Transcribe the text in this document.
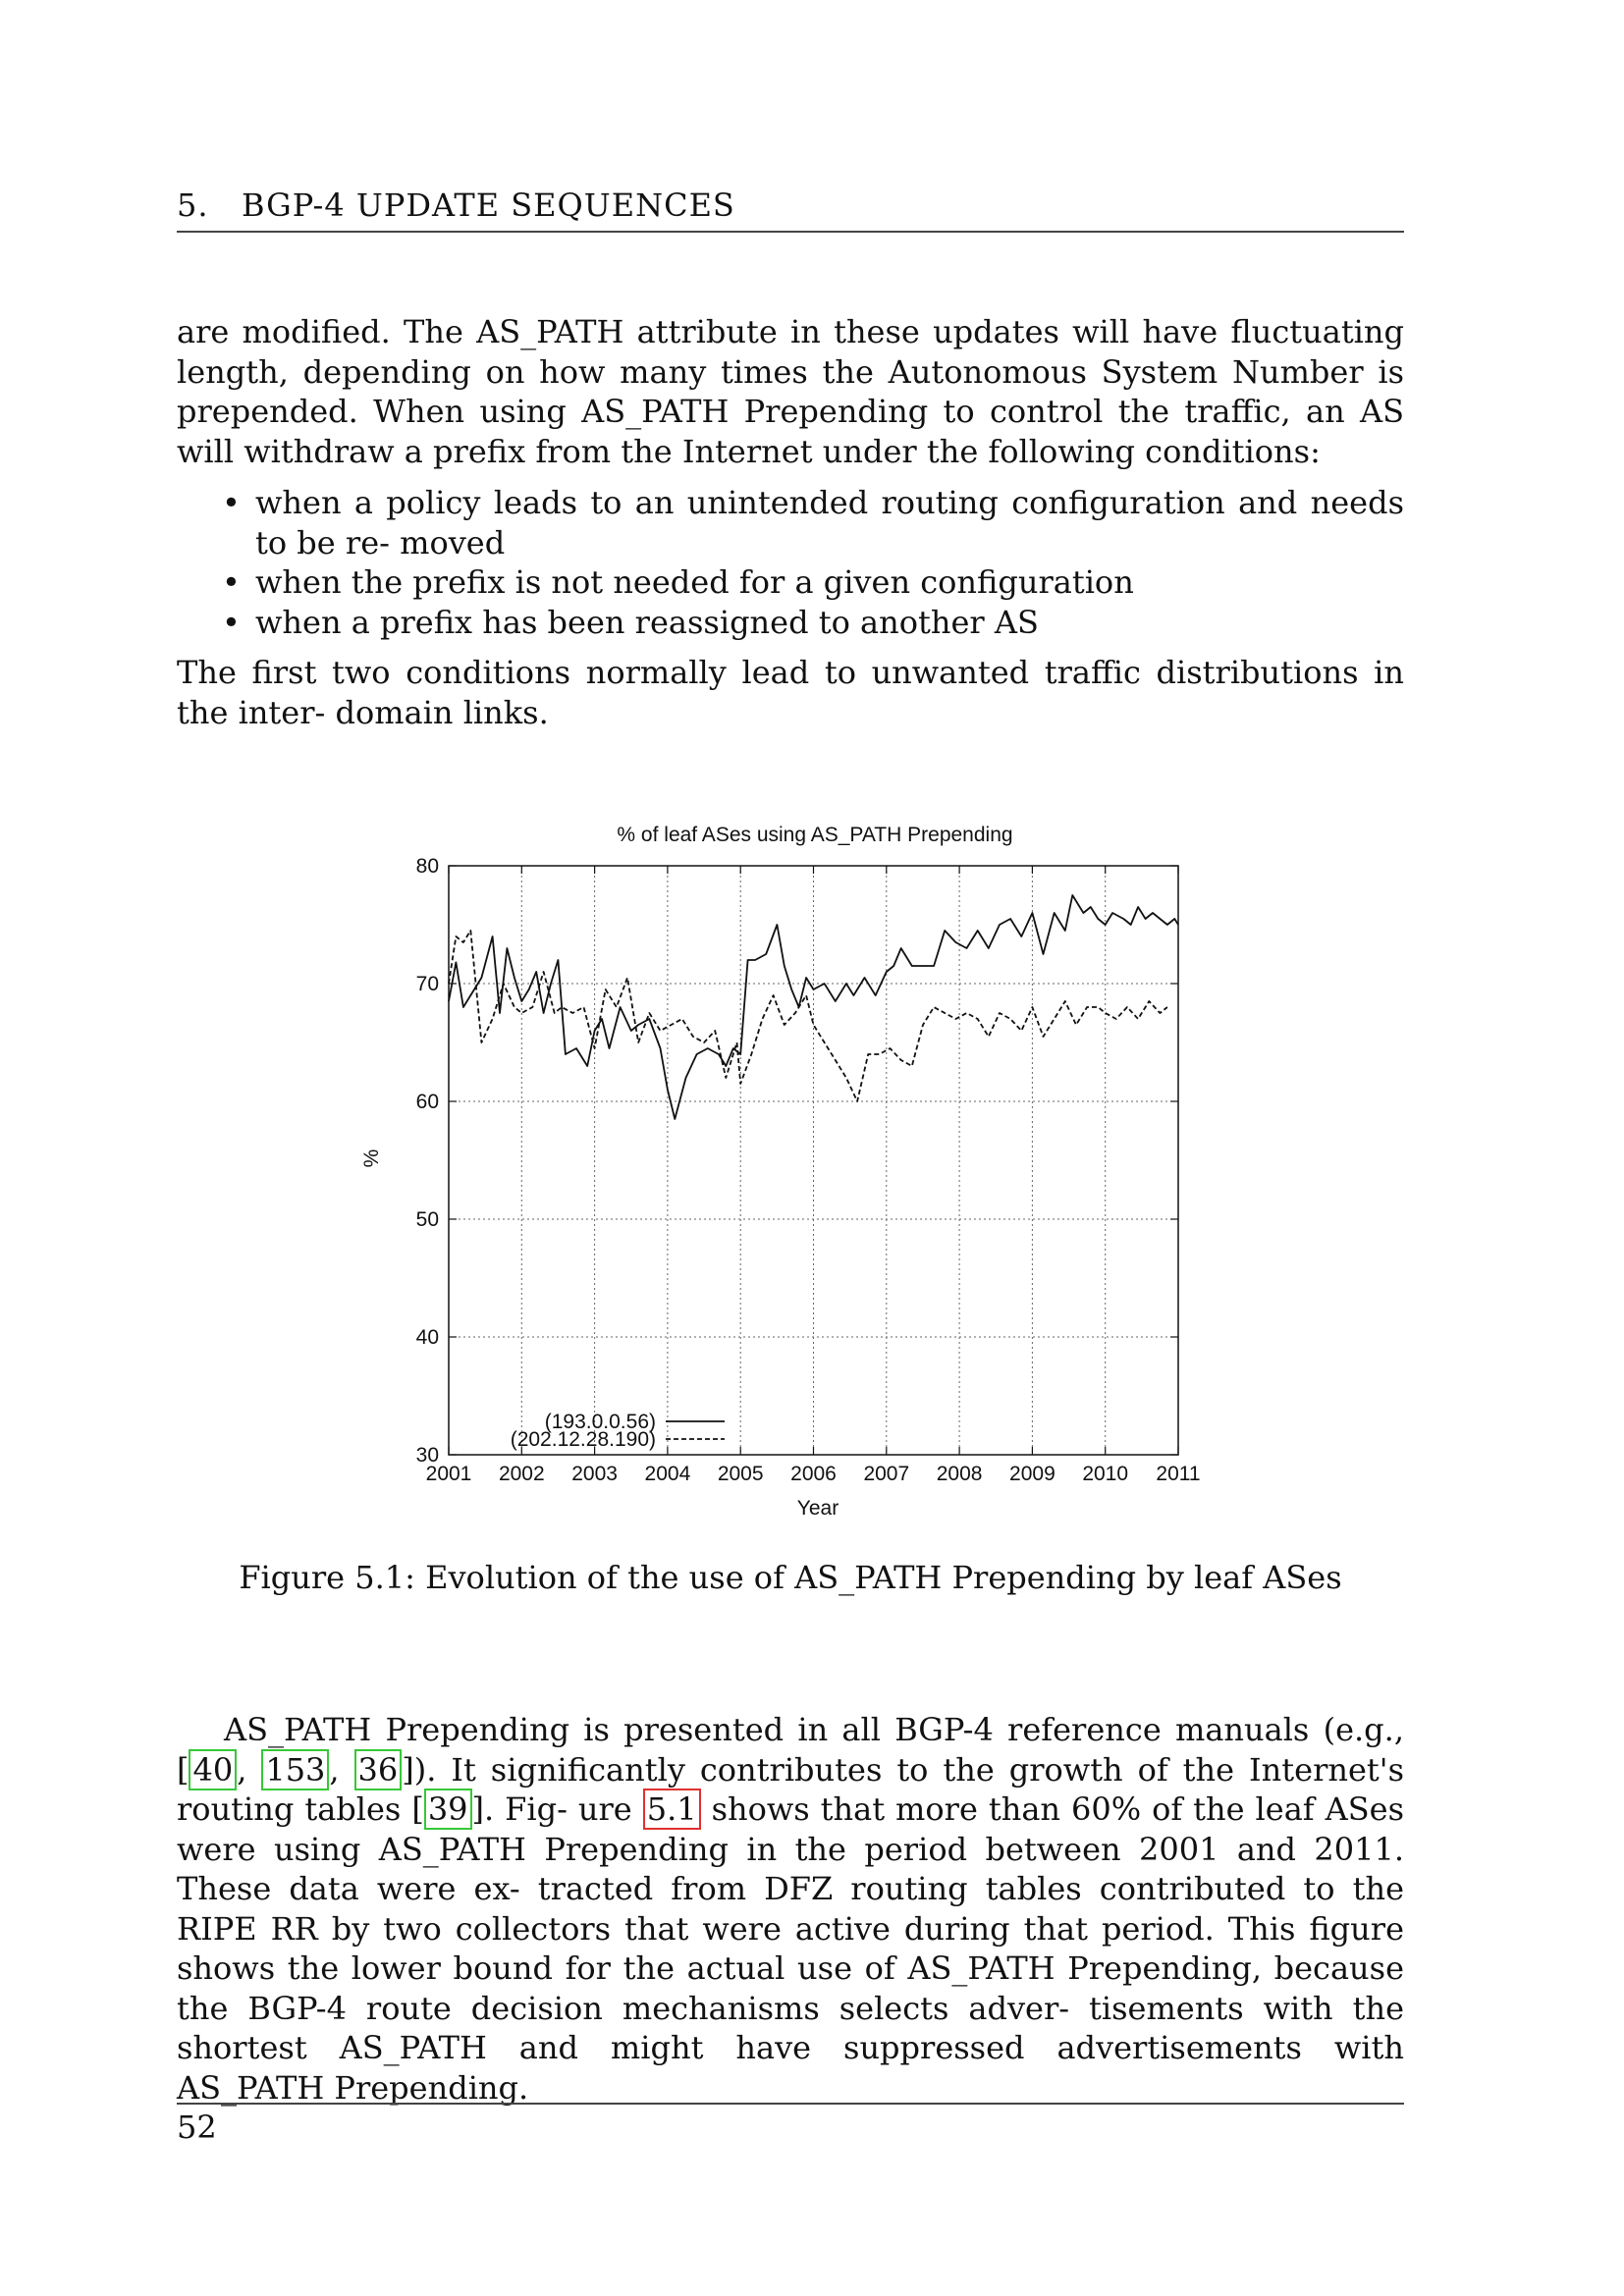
5. BGP-4 UPDATE SEQUENCES
are modified. The AS_PATH attribute in these updates will have fluctuating length, depending on how many times the Autonomous System Number is prepended. When using AS_PATH Prepending to control the traffic, an AS will withdraw a prefix from the Internet under the following conditions:
• when a policy leads to an unintended routing configuration and needs to be re- moved
• when the prefix is not needed for a given configuration
• when a prefix has been reassigned to another AS
The first two conditions normally lead to unwanted traffic distributions in the inter- domain links.
% of leaf ASes using AS_PATH Prepending
%
Year
2001 2002 2003 2004 2005 2006 2007 2008 2009 2010 2011
30
40
50
60
70
80
(193.0.0.56)
(202.12.28.190)
Figure 5.1: Evolution of the use of AS_PATH Prepending by leaf ASes
AS_PATH Prepending is presented in all BGP-4 reference manuals (e.g., [ 40 , 153 , 36 ]). It significantly contributes to the growth of the Internet's routing tables [ 39 ]. Fig- ure 5.1 shows that more than 60% of the leaf ASes were using AS_PATH Prepending in the period between 2001 and 2011. These data were ex- tracted from DFZ routing tables contributed to the RIPE RR by two collectors that were active during that period. This figure shows the lower bound for the actual use of AS_PATH Prepending, because the BGP-4 route decision mechanisms selects adver- tisements with the shortest AS_PATH and might have suppressed advertisements with AS_PATH Prepending.
52
